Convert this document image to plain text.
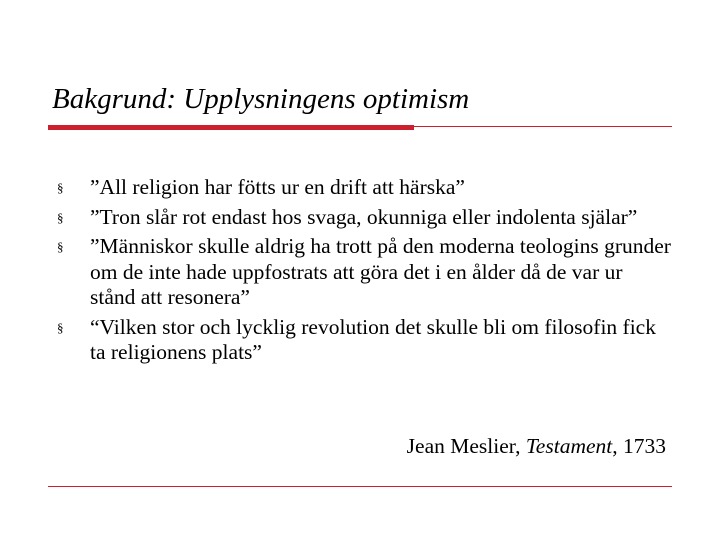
Bakgrund: Upplysningens optimism
§ ”All religion har fötts ur en drift att härska”
§ ”Tron slår rot endast hos svaga, okunniga eller indolenta själar”
§ ”Människor skulle aldrig ha trott på den moderna teologins grunder om de inte hade uppfostrats att göra det i en ålder då de var ur stånd att resonera”
§ “Vilken stor och lycklig revolution det skulle bli om filosofin fick ta religionens plats”
Jean Meslier, Testament, 1733
